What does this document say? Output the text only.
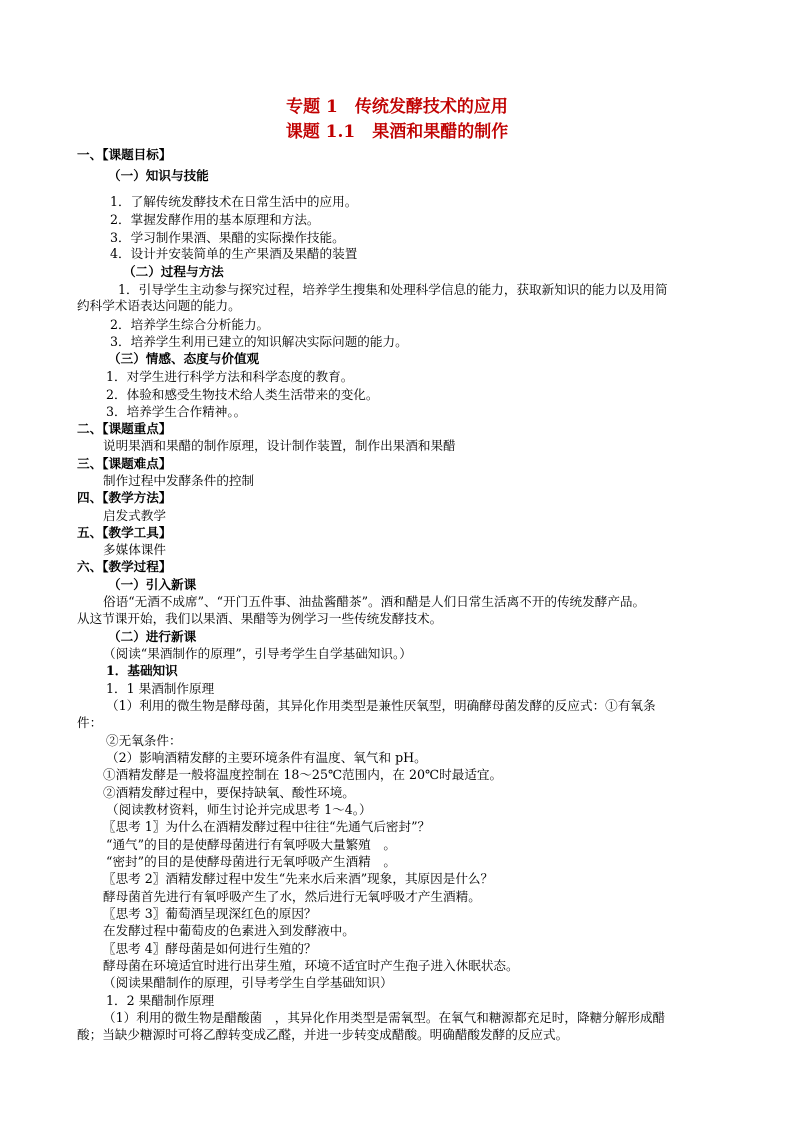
专题 1　传统发酵技术的应用
课题 1.1　果酒和果醋的制作
一、【课题目标】
（一）知识与技能
1．了解传统发酵技术在日常生活中的应用。
2．掌握发酵作用的基本原理和方法。
3．学习制作果酒、果醋的实际操作技能。
4．设计并安装简单的生产果酒及果醋的装置
（二）过程与方法
1．引导学生主动参与探究过程，培养学生搜集和处理科学信息的能力，获取新知识的能力以及用简
约科学术语表达问题的能力。
2．培养学生综合分析能力。
3．培养学生利用已建立的知识解决实际问题的能力。
（三）情感、态度与价值观
1．对学生进行科学方法和科学态度的教育。
2．体验和感受生物技术给人类生活带来的变化。
3．培养学生合作精神。。
二、【课题重点】
说明果酒和果醋的制作原理，设计制作装置，制作出果酒和果醋
三、【课题难点】
制作过程中发酵条件的控制
四、【教学方法】
启发式教学
五、【教学工具】
多媒体课件
六、【教学过程】
（一）引入新课
俗语“无酒不成席”、“开门五件事、油盐酱醋茶”。酒和醋是人们日常生活离不开的传统发酵产品。
从这节课开始，我们以果酒、果醋等为例学习一些传统发酵技术。
（二）进行新课
（阅读“果酒制作的原理”，引导考学生自学基础知识。）
1．基础知识
1．1 果酒制作原理
（1）利用的微生物是酵母菌，其异化作用类型是兼性厌氧型，明确酵母菌发酵的反应式：①有氧条
件：
②无氧条件：
（2）影响酒精发酵的主要环境条件有温度、氧气和 pH。
①酒精发酵是一般将温度控制在 18～25℃范围内，在 20℃时最适宜。
②酒精发酵过程中，要保持缺氧、酸性环境。
（阅读教材资料，师生讨论并完成思考 1～4。）
〖思考 1〗为什么在酒精发酵过程中往往“先通气后密封”？
“通气”的目的是使酵母菌进行有氧呼吸大量繁殖　。
“密封”的目的是使酵母菌进行无氧呼吸产生酒精　。
〖思考 2〗酒精发酵过程中发生“先来水后来酒”现象，其原因是什么？
酵母菌首先进行有氧呼吸产生了水，然后进行无氧呼吸才产生酒精。
〖思考 3〗葡萄酒呈现深红色的原因？
在发酵过程中葡萄皮的色素进入到发酵液中。
〖思考 4〗酵母菌是如何进行生殖的？
酵母菌在环境适宜时进行出芽生殖，环境不适宜时产生孢子进入休眠状态。
（阅读果醋制作的原理，引导考学生自学基础知识）
1．2 果醋制作原理
（1）利用的微生物是醋酸菌　，其异化作用类型是需氧型。在氧气和糖源都充足时，降糖分解形成醋
酸；当缺少糖源时可将乙醇转变成乙醛，并进一步转变成醋酸。明确醋酸发酵的反应式。
